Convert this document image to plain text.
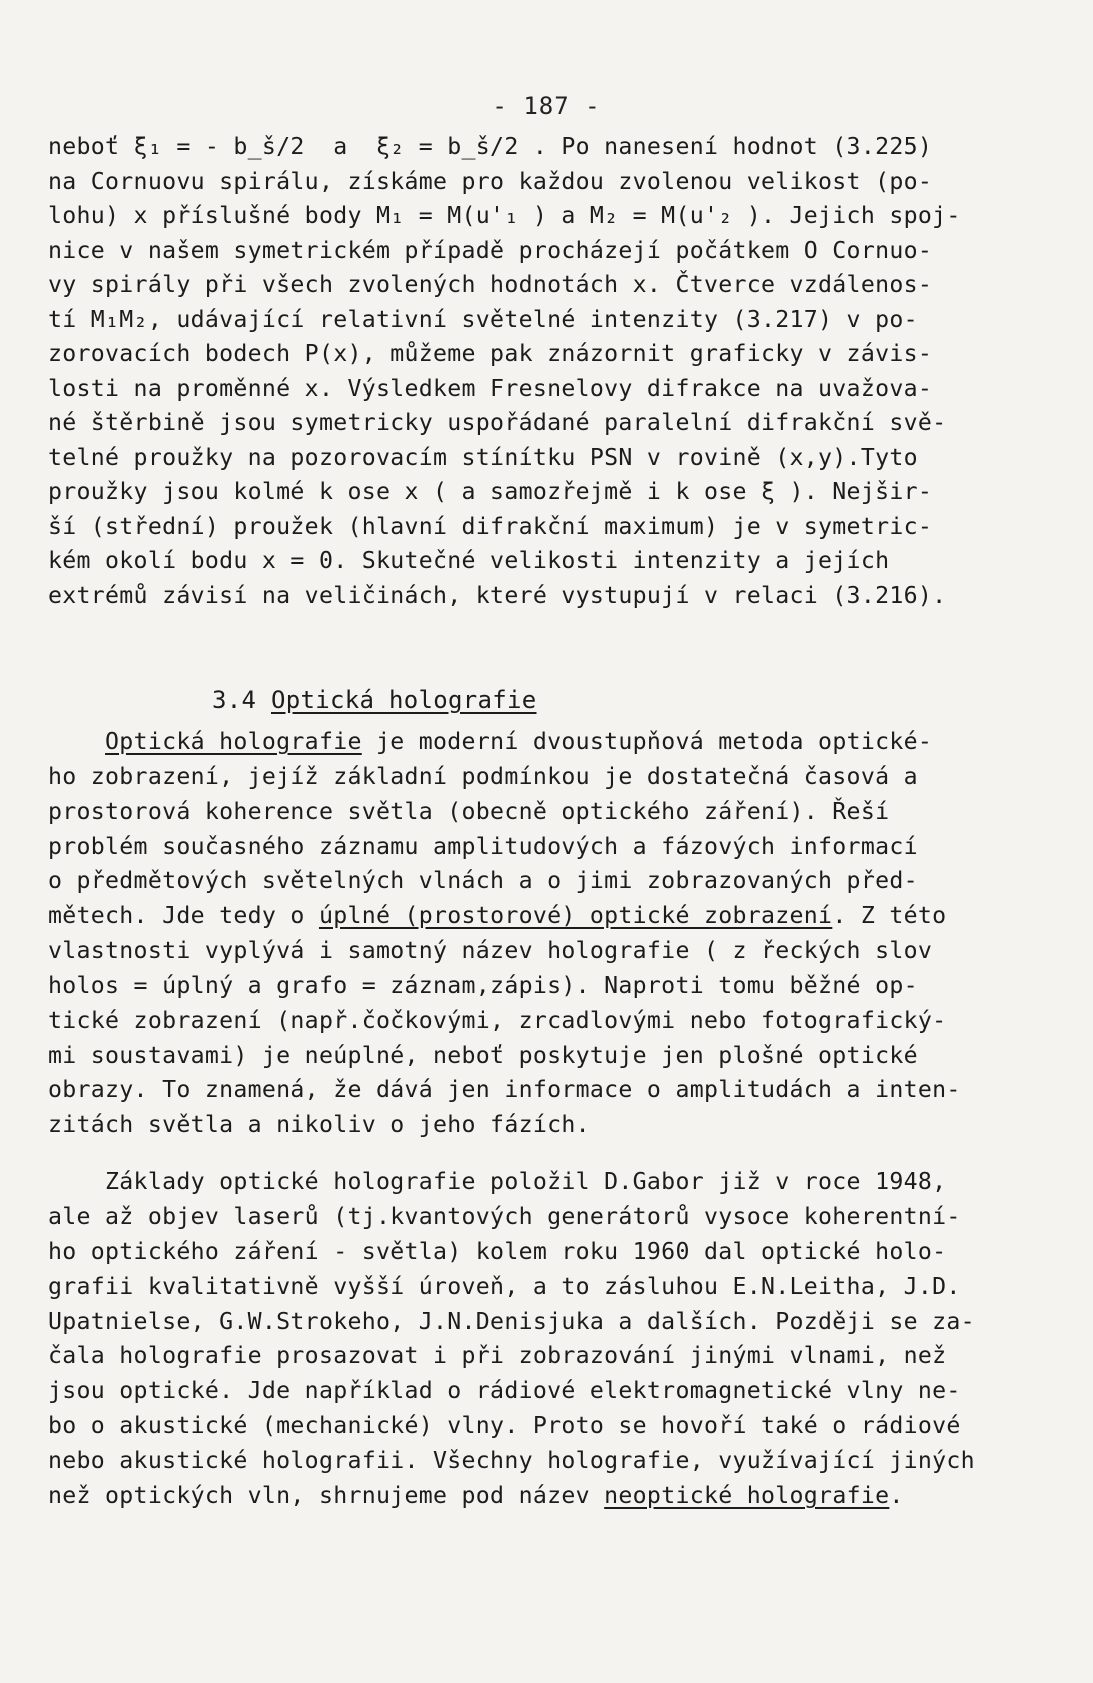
- 187 -
neboť ξ₁ = - b_š/2  a  ξ₂ = b_š/2 . Po nanesení hodnot (3.225)
na Cornuovu spirálu, získáme pro každou zvolenou velikost (po-
lohu) x příslušné body M₁ = M(u'₁ ) a M₂ = M(u'₂ ). Jejich spoj-
nice v našem symetrickém případě procházejí počátkem O Cornuo-
vy spirály při všech zvolených hodnotách x. Čtverce vzdálenos-
tí M₁M₂, udávající relativní světelné intenzity (3.217) v po-
zorovacích bodech P(x), můžeme pak znázornit graficky v závis-
losti na proměnné x. Výsledkem Fresnelovy difrakce na uvažova-
né štěrbině jsou symetricky uspořádané paralelní difrakční svě-
telné proužky na pozorovacím stínítku PSN v rovině (x,y).Tyto
proužky jsou kolmé k ose x ( a samozřejmě i k ose ξ ). Nejšir-
ší (střední) proužek (hlavní difrakční maximum) je v symetric-
kém okolí bodu x = 0. Skutečné velikosti intenzity a jejích
extrémů závisí na veličinách, které vystupují v relaci (3.216).
3.4 Optická holografie
Optická holografie je moderní dvoustupňová metoda optické-
ho zobrazení, jejíž základní podmínkou je dostatečná časová a
prostorová koherence světla (obecně optického záření). Řeší
problém současného záznamu amplitudových a fázových informací
o předmětových světelných vlnách a o jimi zobrazovaných před-
mětech. Jde tedy o úplné (prostorové) optické zobrazení. Z této
vlastnosti vyplývá i samotný název holografie ( z řeckých slov
holos = úplný a grafo = záznam,zápis). Naproti tomu běžné op-
tické zobrazení (např.čočkovými, zrcadlovými nebo fotografický-
mi soustavami) je neúplné, neboť poskytuje jen plošné optické
obrazy. To znamená, že dává jen informace o amplitudách a inten-
zitách světla a nikoliv o jeho fázích.
Základy optické holografie položil D.Gabor již v roce 1948,
ale až objev laserů (tj.kvantových generátorů vysoce koherentní-
ho optického záření - světla) kolem roku 1960 dal optické holo-
grafii kvalitativně vyšší úroveň, a to zásluhou E.N.Leitha, J.D.
Upatnielse, G.W.Strokeho, J.N.Denisjuka a dalších. Později se za-
čala holografie prosazovat i při zobrazování jinými vlnami, než
jsou optické. Jde například o rádiové elektromagnetické vlny ne-
bo o akustické (mechanické) vlny. Proto se hovoří také o rádiové
nebo akustické holografii. Všechny holografie, využívající jiných
než optických vln, shrnujeme pod název neoptické holografie.
